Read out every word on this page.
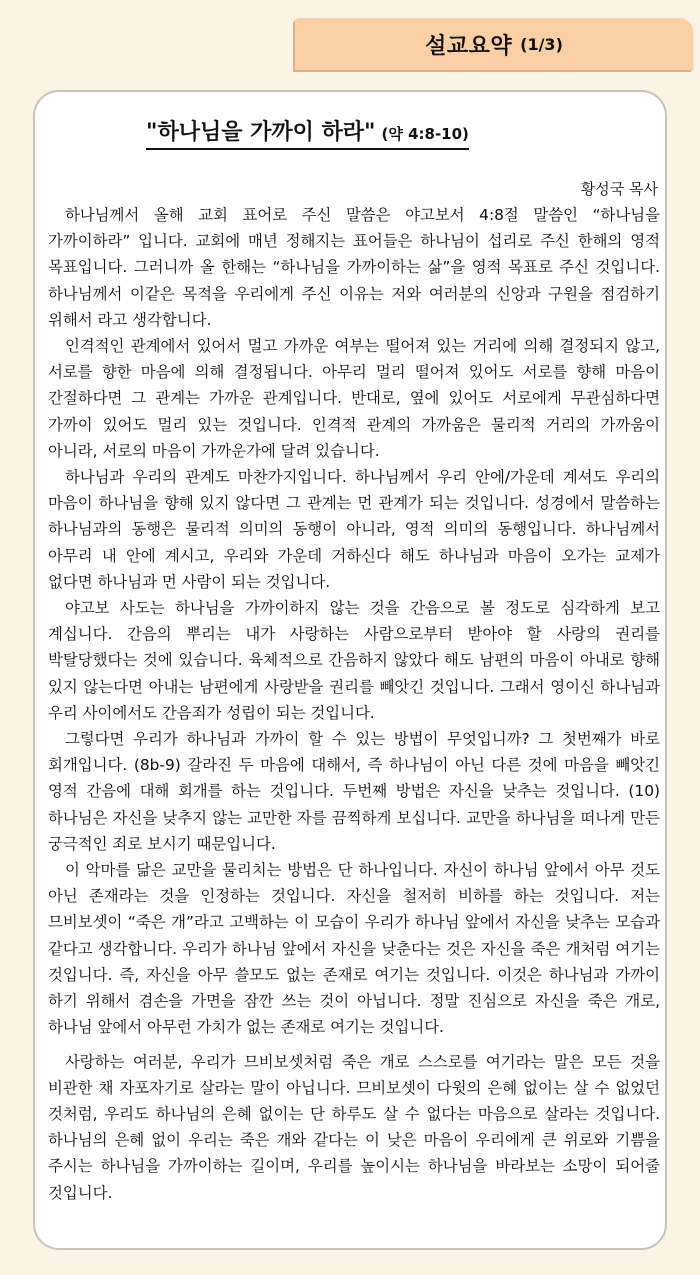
설교요약 (1/3)
"하나님을 가까이 하라" (약 4:8-10)
황성국 목사

하나님께서 올해 교회 표어로 주신 말씀은 야고보서 4:8절 말씀인 “하나님을 가까이하라” 입니다. 교회에 매년 정해지는 표어들은 하나님이 섭리로 주신 한해의 영적 목표입니다. 그러니까 올 한해는 “하나님을 가까이하는 삶”을 영적 목표로 주신 것입니다. 하나님께서 이같은 목적을 우리에게 주신 이유는 저와 여러분의 신앙과 구원을 점검하기 위해서 라고 생각합니다.

인격적인 관계에서 있어서 멀고 가까운 여부는 떨어져 있는 거리에 의해 결정되지 않고, 서로를 향한 마음에 의해 결정됩니다. 아무리 멀리 떨어져 있어도 서로를 향해 마음이 간절하다면 그 관계는 가까운 관계입니다. 반대로, 옆에 있어도 서로에게 무관심하다면 가까이 있어도 멀리 있는 것입니다. 인격적 관계의 가까움은 물리적 거리의 가까움이 아니라, 서로의 마음이 가까운가에 달려 있습니다.

하나님과 우리의 관계도 마찬가지입니다. 하나님께서 우리 안에/가운데 계셔도 우리의 마음이 하나님을 향해 있지 않다면 그 관계는 먼 관계가 되는 것입니다. 성경에서 말씀하는 하나님과의 동행은 물리적 의미의 동행이 아니라, 영적 의미의 동행입니다. 하나님께서 아무리 내 안에 계시고, 우리와 가운데 거하신다 해도 하나님과 마음이 오가는 교제가 없다면 하나님과 먼 사람이 되는 것입니다.

야고보 사도는 하나님을 가까이하지 않는 것을 간음으로 볼 정도로 심각하게 보고 계십니다. 간음의 뿌리는 내가 사랑하는 사람으로부터 받아야 할 사랑의 권리를 박탈당했다는 것에 있습니다. 육체적으로 간음하지 않았다 해도 남편의 마음이 아내로 향해 있지 않는다면 아내는 남편에게 사랑받을 권리를 빼앗긴 것입니다. 그래서 영이신 하나님과 우리 사이에서도 간음죄가 성립이 되는 것입니다.

그렇다면 우리가 하나님과 가까이 할 수 있는 방법이 무엇입니까? 그 첫번째가 바로 회개입니다. (8b-9) 갈라진 두 마음에 대해서, 즉 하나님이 아닌 다른 것에 마음을 빼앗긴 영적 간음에 대해 회개를 하는 것입니다. 두번째 방법은 자신을 낮추는 것입니다. (10) 하나님은 자신을 낮추지 않는 교만한 자를 끔찍하게 보십니다. 교만을 하나님을 떠나게 만든 궁극적인 죄로 보시기 때문입니다.

이 악마를 닮은 교만을 물리치는 방법은 단 하나입니다. 자신이 하나님 앞에서 아무 것도 아닌 존재라는 것을 인정하는 것입니다. 자신을 철저히 비하를 하는 것입니다. 저는 므비보셋이 “죽은 개”라고 고백하는 이 모습이 우리가 하나님 앞에서 자신을 낮추는 모습과 같다고 생각합니다. 우리가 하나님 앞에서 자신을 낮춘다는 것은 자신을 죽은 개처럼 여기는 것입니다. 즉, 자신을 아무 쓸모도 없는 존재로 여기는 것입니다. 이것은 하나님과 가까이 하기 위해서 겸손을 가면을 잠깐 쓰는 것이 아닙니다. 정말 진심으로 자신을 죽은 개로, 하나님 앞에서 아무런 가치가 없는 존재로 여기는 것입니다.

사랑하는 여러분, 우리가 므비보셋처럼 죽은 개로 스스로를 여기라는 말은 모든 것을 비관한 채 자포자기로 살라는 말이 아닙니다. 므비보셋이 다윗의 은혜 없이는 살 수 없었던 것처럼, 우리도 하나님의 은혜 없이는 단 하루도 살 수 없다는 마음으로 살라는 것입니다. 하나님의 은혜 없이 우리는 죽은 개와 같다는 이 낮은 마음이 우리에게 큰 위로와 기쁨을 주시는 하나님을 가까이하는 길이며, 우리를 높이시는 하나님을 바라보는 소망이 되어줄 것입니다.
